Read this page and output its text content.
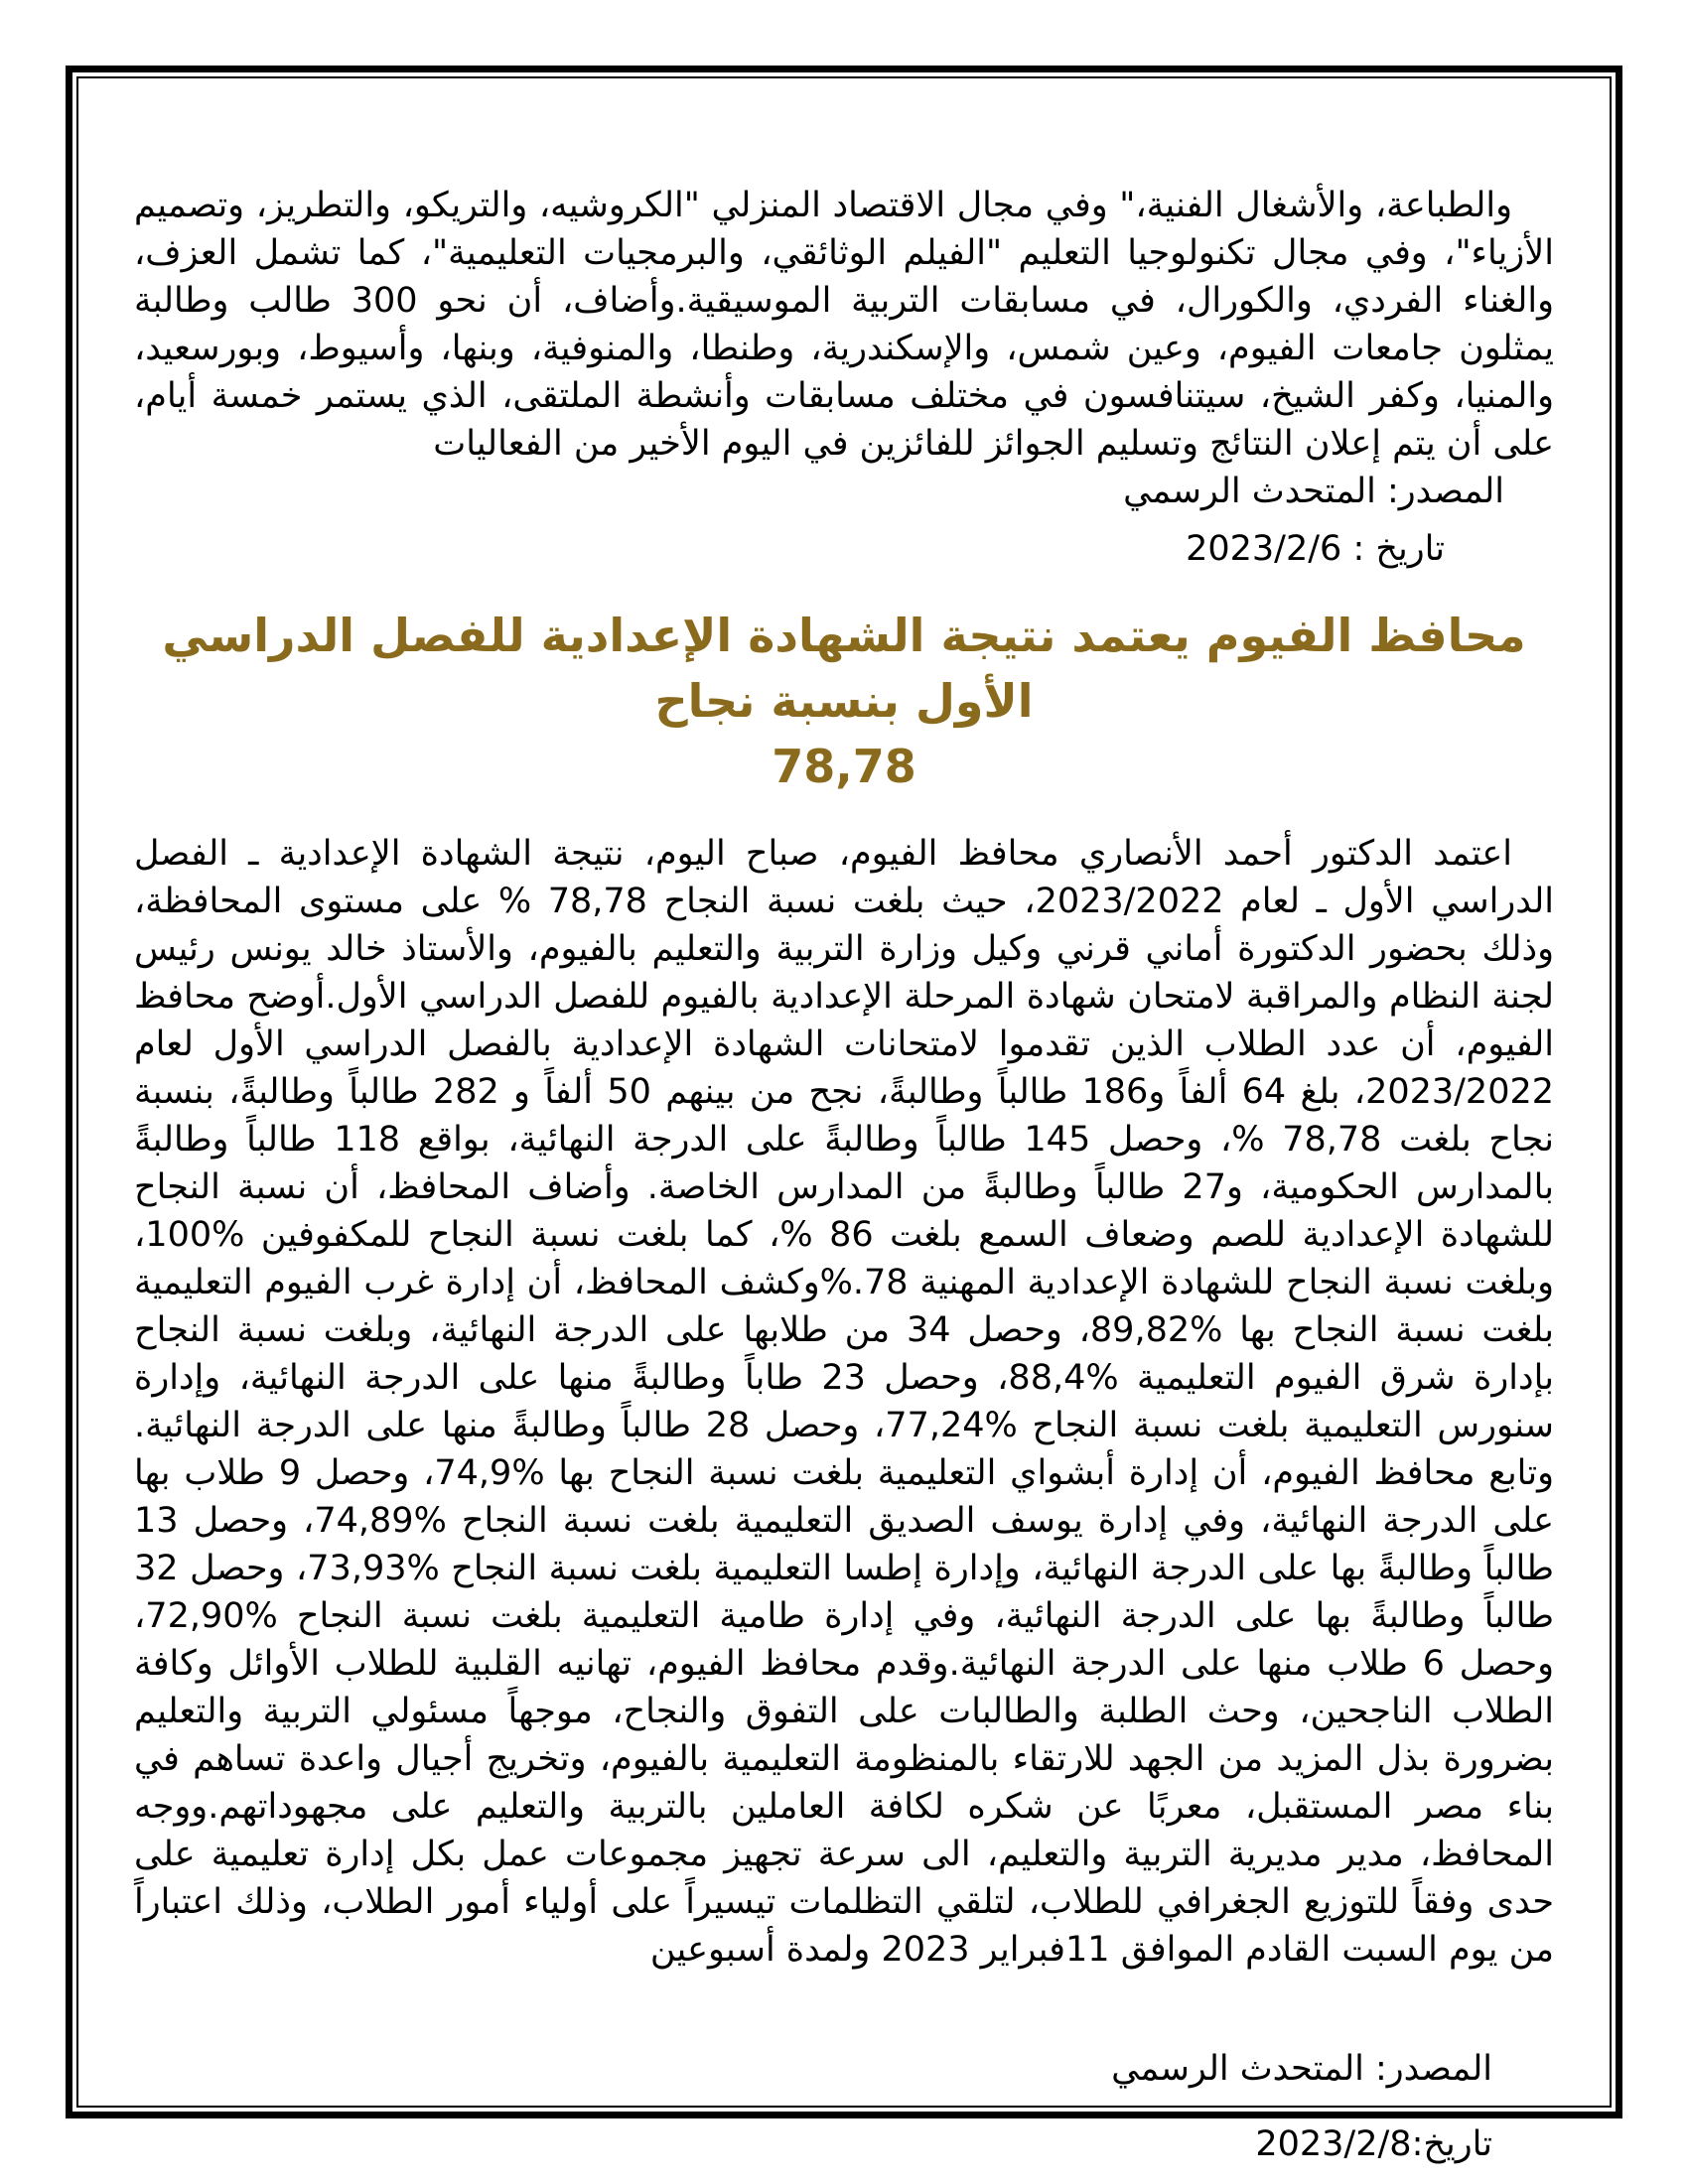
والطباعة، والأشغال الفنية،" وفي مجال الاقتصاد المنزلي "الكروشيه، والتريكو، والتطريز، وتصميم الأزياء"، وفي مجال تكنولوجيا التعليم "الفيلم الوثائقي، والبرمجيات التعليمية"، كما تشمل العزف، والغناء الفردي، والكورال، في مسابقات التربية الموسيقية.وأضاف، أن نحو 300 طالب وطالبة يمثلون جامعات الفيوم، وعين شمس، والإسكندرية، وطنطا، والمنوفية، وبنها، وأسيوط، وبورسعيد، والمنيا، وكفر الشيخ، سيتنافسون في مختلف مسابقات وأنشطة الملتقى، الذي يستمر خمسة أيام، على أن يتم إعلان النتائج وتسليم الجوائز للفائزين في اليوم الأخير من الفعاليات

المصدر: المتحدث الرسمي
تاريخ : 2023/2/6
محافظ الفيوم يعتمد نتيجة الشهادة الإعدادية للفصل الدراسي الأول بنسبة نجاح
78,78

اعتمد الدكتور أحمد الأنصاري محافظ الفيوم، صباح اليوم، نتيجة الشهادة الإعدادية ـ الفصل الدراسي الأول ـ لعام 2023/2022، حيث بلغت نسبة النجاح 78,78 % على مستوى المحافظة، وذلك بحضور الدكتورة أماني قرني وكيل وزارة التربية والتعليم بالفيوم، والأستاذ خالد يونس رئيس لجنة النظام والمراقبة لامتحان شهادة المرحلة الإعدادية بالفيوم للفصل الدراسي الأول.أوضح محافظ الفيوم، أن عدد الطلاب الذين تقدموا لامتحانات الشهادة الإعدادية بالفصل الدراسي الأول لعام 2023/2022، بلغ 64 ألفاً و186 طالباً وطالبةً، نجح من بينهم 50 ألفاً و 282 طالباً وطالبةً، بنسبة نجاح بلغت 78,78 %، وحصل 145 طالباً وطالبةً على الدرجة النهائية، بواقع 118 طالباً وطالبةً بالمدارس الحكومية، و27 طالباً وطالبةً من المدارس الخاصة. وأضاف المحافظ، أن نسبة النجاح للشهادة الإعدادية للصم وضعاف السمع بلغت 86 %، كما بلغت نسبة النجاح للمكفوفين %100، وبلغت نسبة النجاح للشهادة الإعدادية المهنية 78.%وكشف المحافظ، أن إدارة غرب الفيوم التعليمية بلغت نسبة النجاح بها %89,82، وحصل 34 من طلابها على الدرجة النهائية، وبلغت نسبة النجاح بإدارة شرق الفيوم التعليمية %88,4، وحصل 23 طاباً وطالبةً منها على الدرجة النهائية، وإدارة سنورس التعليمية بلغت نسبة النجاح %77,24، وحصل 28 طالباً وطالبةً منها على الدرجة النهائية. وتابع محافظ الفيوم، أن إدارة أبشواي التعليمية بلغت نسبة النجاح بها %74,9، وحصل 9 طلاب بها على الدرجة النهائية، وفي إدارة يوسف الصديق التعليمية بلغت نسبة النجاح %74,89، وحصل 13 طالباً وطالبةً بها على الدرجة النهائية، وإدارة إطسا التعليمية بلغت نسبة النجاح %73,93، وحصل 32 طالباً وطالبةً بها على الدرجة النهائية، وفي إدارة طامية التعليمية بلغت نسبة النجاح %72,90، وحصل 6 طلاب منها على الدرجة النهائية.وقدم محافظ الفيوم، تهانيه القلبية للطلاب الأوائل وكافة الطلاب الناجحين، وحث الطلبة والطالبات على التفوق والنجاح، موجهاً مسئولي التربية والتعليم بضرورة بذل المزيد من الجهد للارتقاء بالمنظومة التعليمية بالفيوم، وتخريج أجيال واعدة تساهم في بناء مصر المستقبل، معربًا عن شكره لكافة العاملين بالتربية والتعليم على مجهوداتهم.ووجه المحافظ، مدير مديرية التربية والتعليم، الى سرعة تجهيز مجموعات عمل بكل إدارة تعليمية على حدى وفقاً للتوزيع الجغرافي للطلاب، لتلقي التظلمات تيسيراً على أولياء أمور الطلاب، وذلك اعتباراً من يوم السبت القادم الموافق 11فبراير 2023 ولمدة أسبوعين

المصدر: المتحدث الرسمي
تاريخ:2023/2/8
